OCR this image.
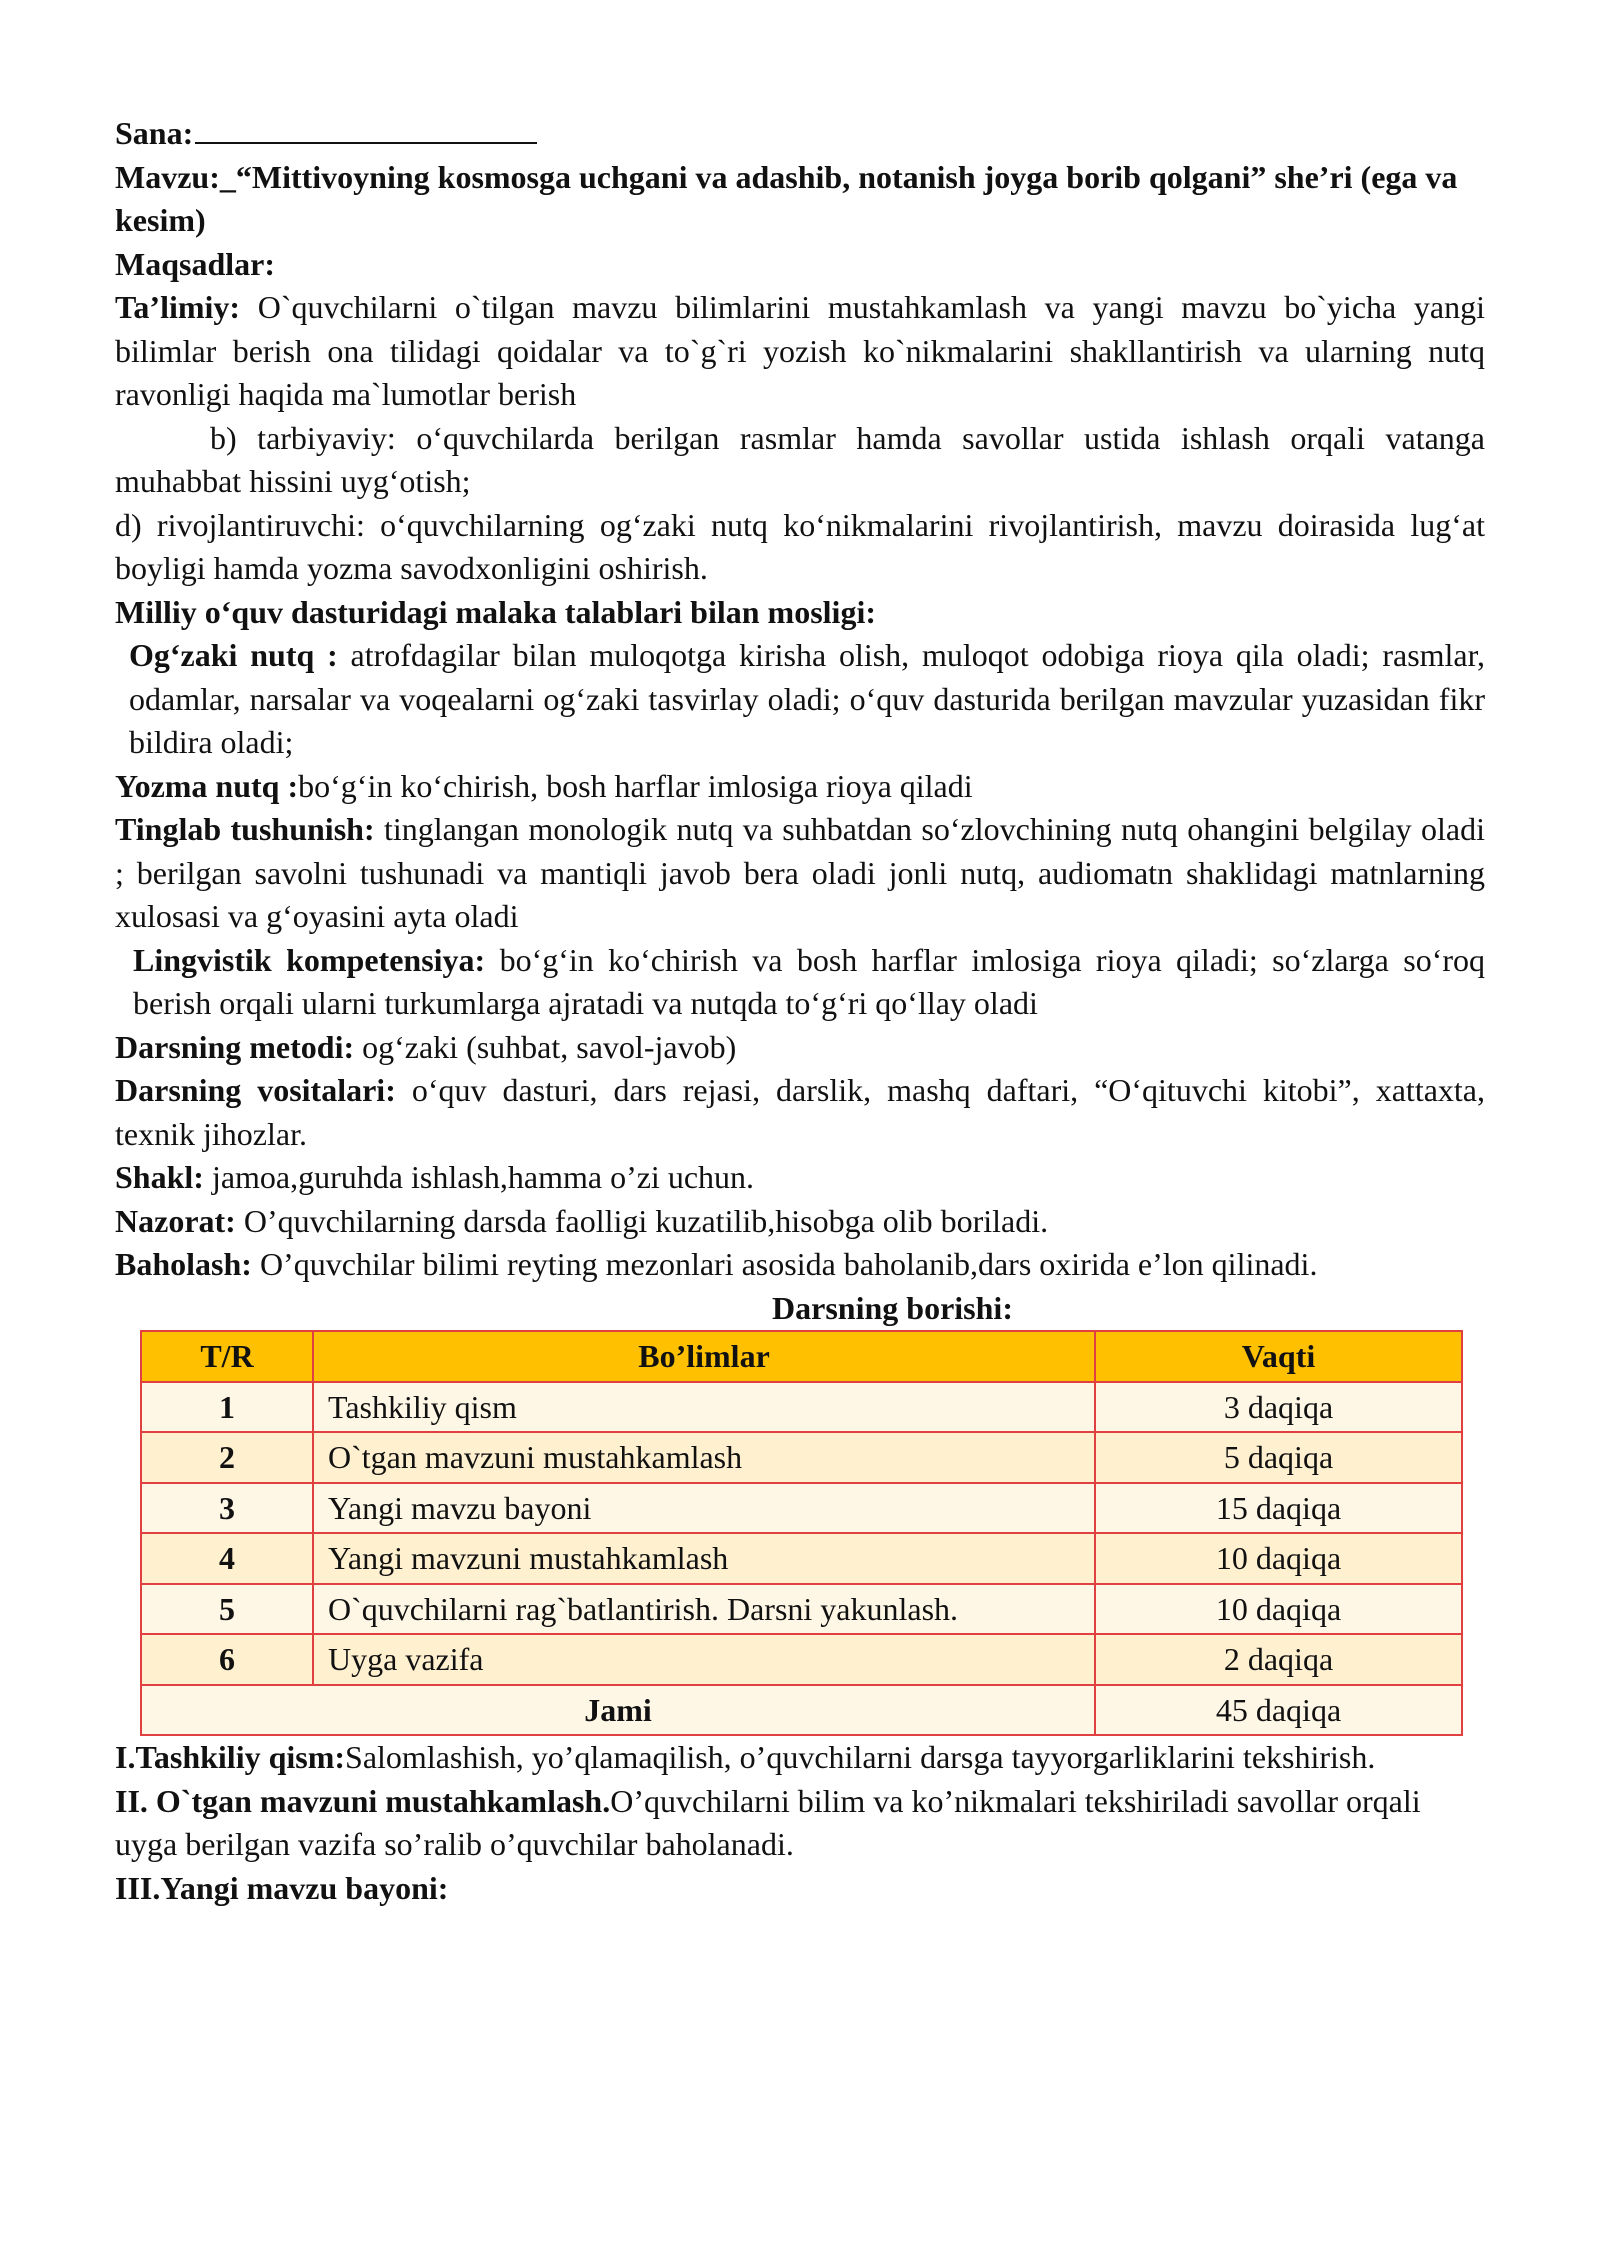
Sana:

Mavzu:_“Mittivoyning kosmosga uchgani va adashib, notanish joyga borib qolgani” she’ri (ega va kesim)

Maqsadlar:

Ta’limiy: O`quvchilarni o`tilgan mavzu bilimlarini mustahkamlash va yangi mavzu bo`yicha yangi bilimlar berish ona tilidagi qoidalar va to`g`ri yozish ko`nikmalarini shakllantirish va ularning nutq ravonligi haqida ma`lumotlar berish

b) tarbiyaviy: o‘quvchilarda berilgan rasmlar hamda savollar ustida ishlash orqali vatanga muhabbat hissini uyg‘otish;

d) rivojlantiruvchi: o‘quvchilarning og‘zaki nutq ko‘nikmalarini rivojlantirish, mavzu doirasida lug‘at boyligi hamda yozma savodxonligini oshirish.

Milliy o‘quv dasturidagi malaka talablari bilan mosligi:

Og‘zaki nutq : atrofdagilar bilan muloqotga kirisha olish, muloqot odobiga rioya qila oladi; rasmlar, odamlar, narsalar va voqealarni og‘zaki tasvirlay oladi; o‘quv dasturida berilgan mavzular yuzasidan fikr bildira oladi;

Yozma nutq :bo‘g‘in ko‘chirish, bosh harflar imlosiga rioya qiladi

Tinglab tushunish: tinglangan monologik nutq va suhbatdan so‘zlovchining nutq ohangini belgilay oladi ; berilgan savolni tushunadi va mantiqli javob bera oladi jonli nutq, audiomatn shaklidagi matnlarning xulosasi va g‘oyasini ayta oladi

Lingvistik kompetensiya: bo‘g‘in ko‘chirish va bosh harflar imlosiga rioya qiladi; so‘zlarga so‘roq berish orqali ularni turkumlarga ajratadi va nutqda to‘g‘ri qo‘llay oladi

Darsning metodi: og‘zaki (suhbat, savol-javob)

Darsning vositalari: o‘quv dasturi, dars rejasi, darslik, mashq daftari, “O‘qituvchi kitobi”, xattaxta, texnik jihozlar.

Shakl: jamoa,guruhda ishlash,hamma o’zi uchun.

Nazorat: O’quvchilarning darsda faolligi kuzatilib,hisobga olib boriladi.

Baholash: O’quvchilar bilimi reyting mezonlari asosida baholanib,dars oxirida e’lon qilinadi.

Darsning borishi:

T/R	Bo’limlar	Vaqti
1	Tashkiliy qism	3 daqiqa
2	O`tgan mavzuni mustahkamlash	5 daqiqa
3	Yangi mavzu bayoni	15 daqiqa
4	Yangi mavzuni mustahkamlash	10 daqiqa
5	O`quvchilarni rag`batlantirish. Darsni yakunlash.	10 daqiqa
6	Uyga vazifa	2 daqiqa
Jami		45 daqiqa

I.Tashkiliy qism:Salomlashish, yo’qlamaqilish, o’quvchilarni darsga tayyorgarliklarini tekshirish.

II. O`tgan mavzuni mustahkamlash.O’quvchilarni bilim va ko’nikmalari tekshiriladi savollar orqali uyga berilgan vazifa so’ralib o’quvchilar baholanadi.

III.Yangi mavzu bayoni:
